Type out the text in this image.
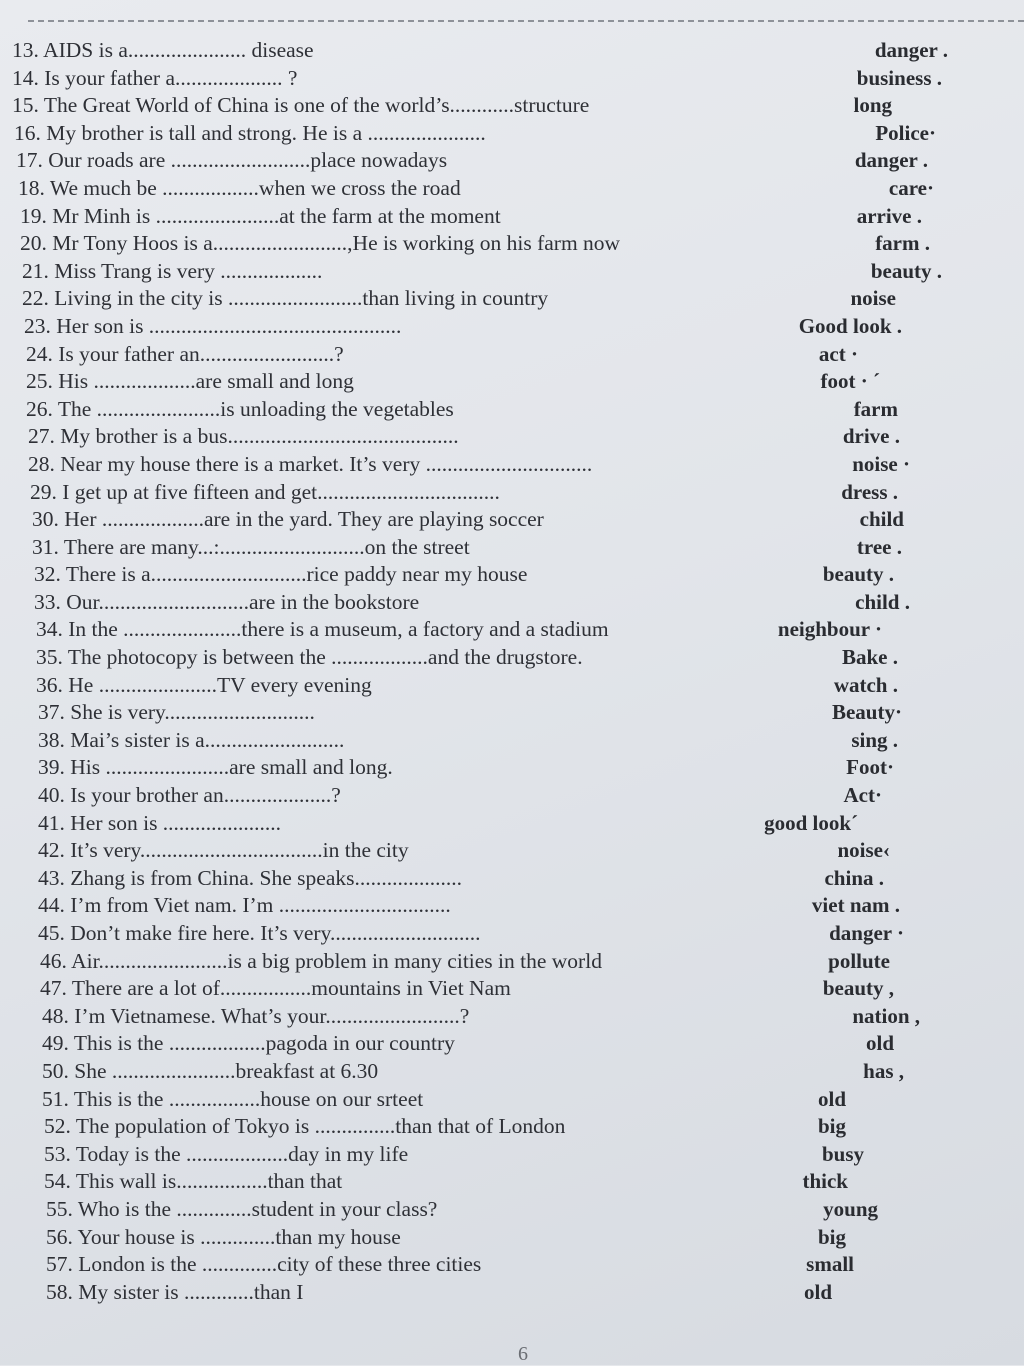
13. AIDS is a...................... disease	danger .
14. Is your father a.................... ?	business .
15. The Great World of China is one of the world’s............structure	long
16. My brother is tall and strong. He is a ......................	Police·
17. Our roads are ..........................place nowadays	danger .
18. We much be ..................when we cross the road	care·
19. Mr Minh is .......................at the farm at the moment	arrive .
20. Mr Tony Hoos is a.........................,He is working on his farm now	farm .
21. Miss Trang is very ...................	beauty .
22. Living in the city is .........................than living in country	noise
23. Her son is ...............................................	Good look .
24. Is your father an.........................?	act ·
25. His ...................are small and long	foot · ´
26. The .......................is unloading the vegetables	farm
27. My brother is a bus...........................................	drive .
28. Near my house there is a market. It’s very ...............................	noise ·
29. I get up at five fifteen and get..................................	dress .
30. Her ...................are in the yard. They are playing soccer	child
31. There are many...:...........................on the street	tree .
32. There is a.............................rice paddy near my house	beauty .
33. Our............................are in the bookstore	child .
34. In the ......................there is a museum, a factory and a stadium	neighbour ·
35. The photocopy is between the ..................and the drugstore.	Bake .
36. He ......................TV every evening	watch .
37. She is very............................	Beauty·
38. Mai’s sister is a..........................	sing .
39. His .......................are small and long.	Foot·
40. Is your brother an....................?	Act·
41. Her son is ......................	good look´
42. It’s very..................................in the city	noise‹
43. Zhang is from China. She speaks....................	china .
44. I’m from Viet nam. I’m ................................	viet nam .
45. Don’t make fire here. It’s very............................	danger ·
46. Air........................is a big problem in many cities in the world	pollute
47. There are a lot of.................mountains in Viet Nam	beauty ,
48. I’m Vietnamese. What’s your.........................?	nation ,
49. This is the ..................pagoda in our country	old
50. She .......................breakfast at 6.30	has ,
51. This is the .................house on our srteet	old
52. The population of Tokyo is ...............than that of London	big
53. Today is the ...................day in my life	busy
54. This wall is.................than that	thick
55. Who is the ..............student in your class?	young
56. Your house is ..............than my house	big
57. London is the ..............city of these three cities	small
58. My sister is .............than I	old
6
